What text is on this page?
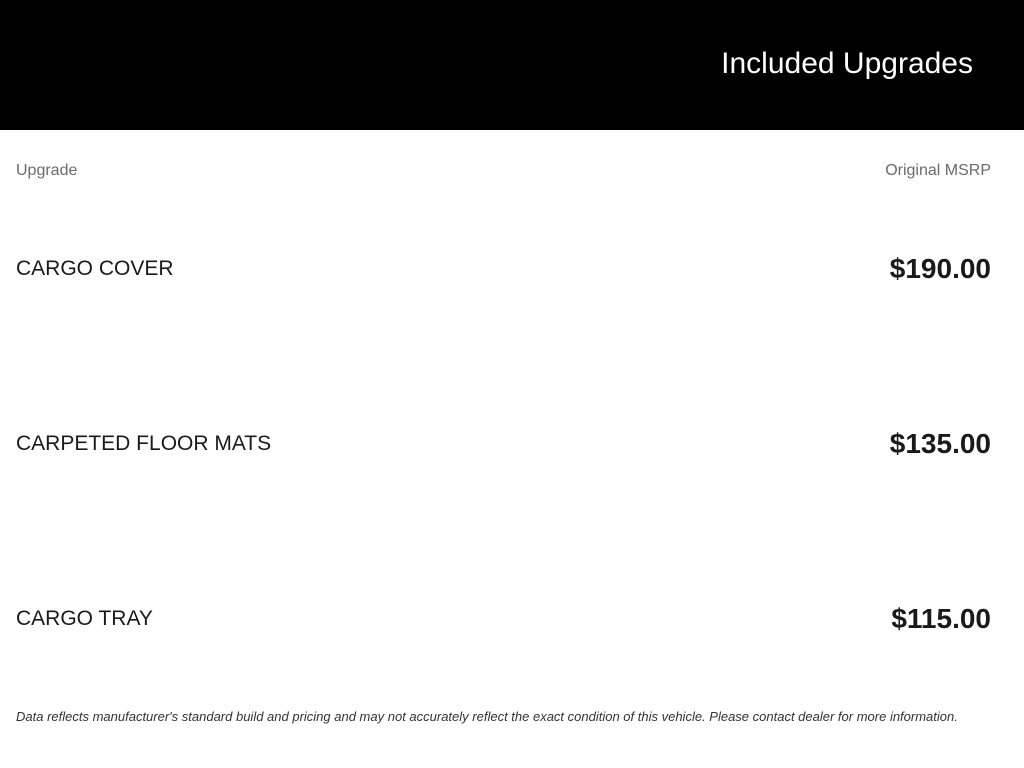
Included Upgrades
Upgrade	Original MSRP
CARGO COVER	$190.00
CARPETED FLOOR MATS	$135.00
CARGO TRAY	$115.00

Data reflects manufacturer's standard build and pricing and may not accurately reflect the exact condition of this vehicle. Please contact dealer for more information.
